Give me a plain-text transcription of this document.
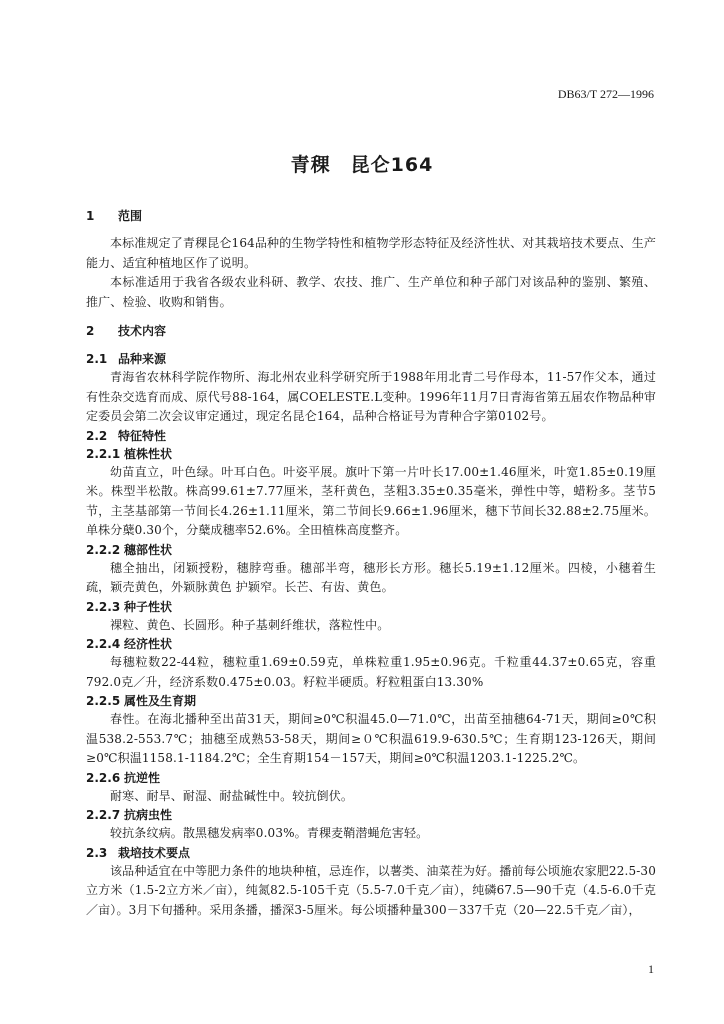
DB63/T 272—1996
青稞 昆仑164
1 范围

本标准规定了青稞昆仑164品种的生物学特性和植物学形态特征及经济性状、对其栽培技术要点、生产能力、适宜种植地区作了说明。

本标准适用于我省各级农业科研、教学、农技、推广、生产单位和种子部门对该品种的鉴别、繁殖、推广、检验、收购和销售。

2 技术内容
2.1 品种来源

青海省农林科学院作物所、海北州农业科学研究所于1988年用北青二号作母本，11-57作父本，通过有性杂交选育而成、原代号88-164，属COELESTE.L变种。1996年11月7日青海省第五届农作物品种审定委员会第二次会议审定通过，现定名昆仑164，品种合格证号为青种合字第0102号。

2.2 特征特性
2.2.1 植株性状

幼苗直立，叶色绿。叶耳白色。叶姿平展。旗叶下第一片叶长17.00±1.46厘米，叶宽1.85±0.19厘米。株型半松散。株高99.61±7.77厘米，茎秆黄色，茎粗3.35±0.35毫米，弹性中等，蜡粉多。茎节5节，主茎基部第一节间长4.26±1.11厘米，第二节间长9.66±1.96厘米，穗下节间长32.88±2.75厘米。单株分蘖0.30个，分蘖成穗率52.6%。全田植株高度整齐。

2.2.2 穗部性状

穗全抽出，闭颖授粉，穗脖弯垂。穗部半弯，穗形长方形。穗长5.19±1.12厘米。四棱，小穗着生疏，颖壳黄色，外颖脉黄色 护颖窄。长芒、有齿、黄色。

2.2.3 种子性状

裸粒、黄色、长圆形。种子基刺纤维状，落粒性中。

2.2.4 经济性状

每穗粒数22-44粒，穗粒重1.69±0.59克，单株粒重1.95±0.96克。千粒重44.37±0.65克，容重792.0克／升，经济系数0.475±0.03。籽粒半硬质。籽粒粗蛋白13.30%

2.2.5 属性及生育期

春性。在海北播种至出苗31天，期间≥0℃积温45.0—71.0℃，出苗至抽穗64-71天，期间≥0℃积温538.2-553.7℃；抽穗至成熟53-58天，期间≥０℃积温619.9-630.5℃；生育期123-126天，期间≥0℃积温1158.1-1184.2℃；全生育期154－157天，期间≥0℃积温1203.1-1225.2℃。

2.2.6 抗逆性

耐寒、耐旱、耐湿、耐盐碱性中。较抗倒伏。

2.2.7 抗病虫性

较抗条纹病。散黑穗发病率0.03%。青稞麦鞘潜蝇危害轻。

2.3 栽培技术要点

该品种适宜在中等肥力条件的地块种植，忌连作，以薯类、油菜茬为好。播前每公顷施农家肥22.5-30立方米（1.5-2立方米／亩），纯氮82.5-105千克（5.5-7.0千克／亩），纯磷67.5—90千克（4.5-6.0千克／亩）。3月下旬播种。采用条播，播深3-5厘米。每公顷播种量300－337千克（20—22.5千克／亩），

1
